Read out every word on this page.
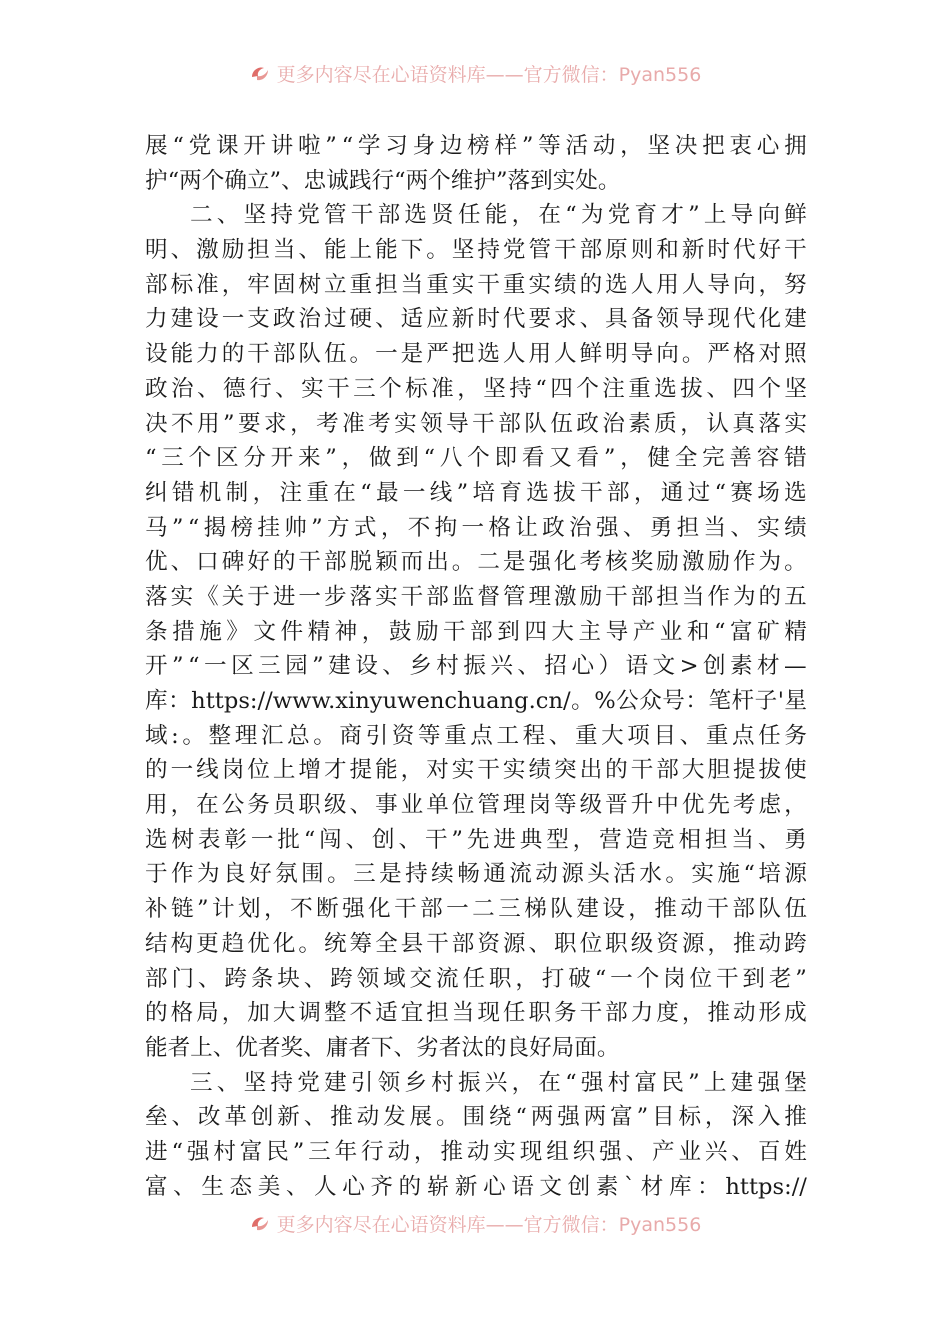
更多内容尽在心语资料库——官方微信：Pyan556
展 “ 党 课 开 讲 啦 ” “ 学 习 身 边 榜 样 ” 等 活 动 ， 坚 决 把 衷 心 拥
护“两个确立”、忠诚践行“两个维护”落到实处。
二 、 坚 持 党 管 干 部 选 贤 任 能 ， 在 “ 为 党 育 才 ” 上 导 向 鲜
明 、 激 励 担 当 、 能 上 能 下 。 坚 持 党 管 干 部 原 则 和 新 时 代 好 干
部 标 准 ， 牢 固 树 立 重 担 当 重 实 干 重 实 绩 的 选 人 用 人 导 向 ， 努
力 建 设 一 支 政 治 过 硬 、 适 应 新 时 代 要 求 、 具 备 领 导 现 代 化 建
设 能 力 的 干 部 队 伍 。 一 是 严 把 选 人 用 人 鲜 明 导 向 。 严 格 对 照
政 治 、 德 行 、 实 干 三 个 标 准 ， 坚 持 “ 四 个 注 重 选 拔 、 四 个 坚
决 不 用 ” 要 求 ， 考 准 考 实 领 导 干 部 队 伍 政 治 素 质 ， 认 真 落 实
“ 三 个 区 分 开 来 ” ， 做 到 “ 八 个 即 看 又 看 ” ， 健 全 完 善 容 错
纠 错 机 制 ， 注 重 在 “ 最 一 线 ” 培 育 选 拔 干 部 ， 通 过 “ 赛 场 选
马 ” “ 揭 榜 挂 帅 ” 方 式 ， 不 拘 一 格 让 政 治 强 、 勇 担 当 、 实 绩
优 、 口 碑 好 的 干 部 脱 颖 而 出 。 二 是 强 化 考 核 奖 励 激 励 作 为 。
落 实 《 关 于 进 一 步 落 实 干 部 监 督 管 理 激 励 干 部 担 当 作 为 的 五
条 措 施 》 文 件 精 神 ， 鼓 励 干 部 到 四 大 主 导 产 业 和 “ 富 矿 精
开 ” “ 一 区 三 园 ” 建 设 、 乡 村 振 兴 、 招 心 ） 语 文 > 创 素 材 —
库 ： https://www.xinyuwenchuang.cn/ 。 % 公 众 号 ： 笔 杆 子 ' 星
域 : 。 整 理 汇 总 。 商 引 资 等 重 点 工 程 、 重 大 项 目 、 重 点 任 务
的 一 线 岗 位 上 增 才 提 能 ， 对 实 干 实 绩 突 出 的 干 部 大 胆 提 拔 使
用 ， 在 公 务 员 职 级 、 事 业 单 位 管 理 岗 等 级 晋 升 中 优 先 考 虑 ，
选 树 表 彰 一 批 “ 闯 、 创 、 干 ” 先 进 典 型 ， 营 造 竞 相 担 当 、 勇
于 作 为 良 好 氛 围 。 三 是 持 续 畅 通 流 动 源 头 活 水 。 实 施 “ 培 源
补 链 ” 计 划 ， 不 断 强 化 干 部 一 二 三 梯 队 建 设 ， 推 动 干 部 队 伍
结 构 更 趋 优 化 。 统 筹 全 县 干 部 资 源 、 职 位 职 级 资 源 ， 推 动 跨
部 门 、 跨 条 块 、 跨 领 域 交 流 任 职 ， 打 破 “ 一 个 岗 位 干 到 老 ”
的 格 局 ， 加 大 调 整 不 适 宜 担 当 现 任 职 务 干 部 力 度 ， 推 动 形 成
能者上、优者奖、庸者下、劣者汰的良好局面。
三 、 坚 持 党 建 引 领 乡 村 振 兴 ， 在 “ 强 村 富 民 ” 上 建 强 堡
垒 、 改 革 创 新 、 推 动 发 展 。 围 绕 “ 两 强 两 富 ” 目 标 ， 深 入 推
进 “ 强 村 富 民 ” 三 年 行 动 ， 推 动 实 现 组 织 强 、 产 业 兴 、 百 姓
富 、 生 态 美 、 人 心 齐 的 崭 新 心 语 文 创 素 ` 材 库 ： https://
更多内容尽在心语资料库——官方微信：Pyan556
